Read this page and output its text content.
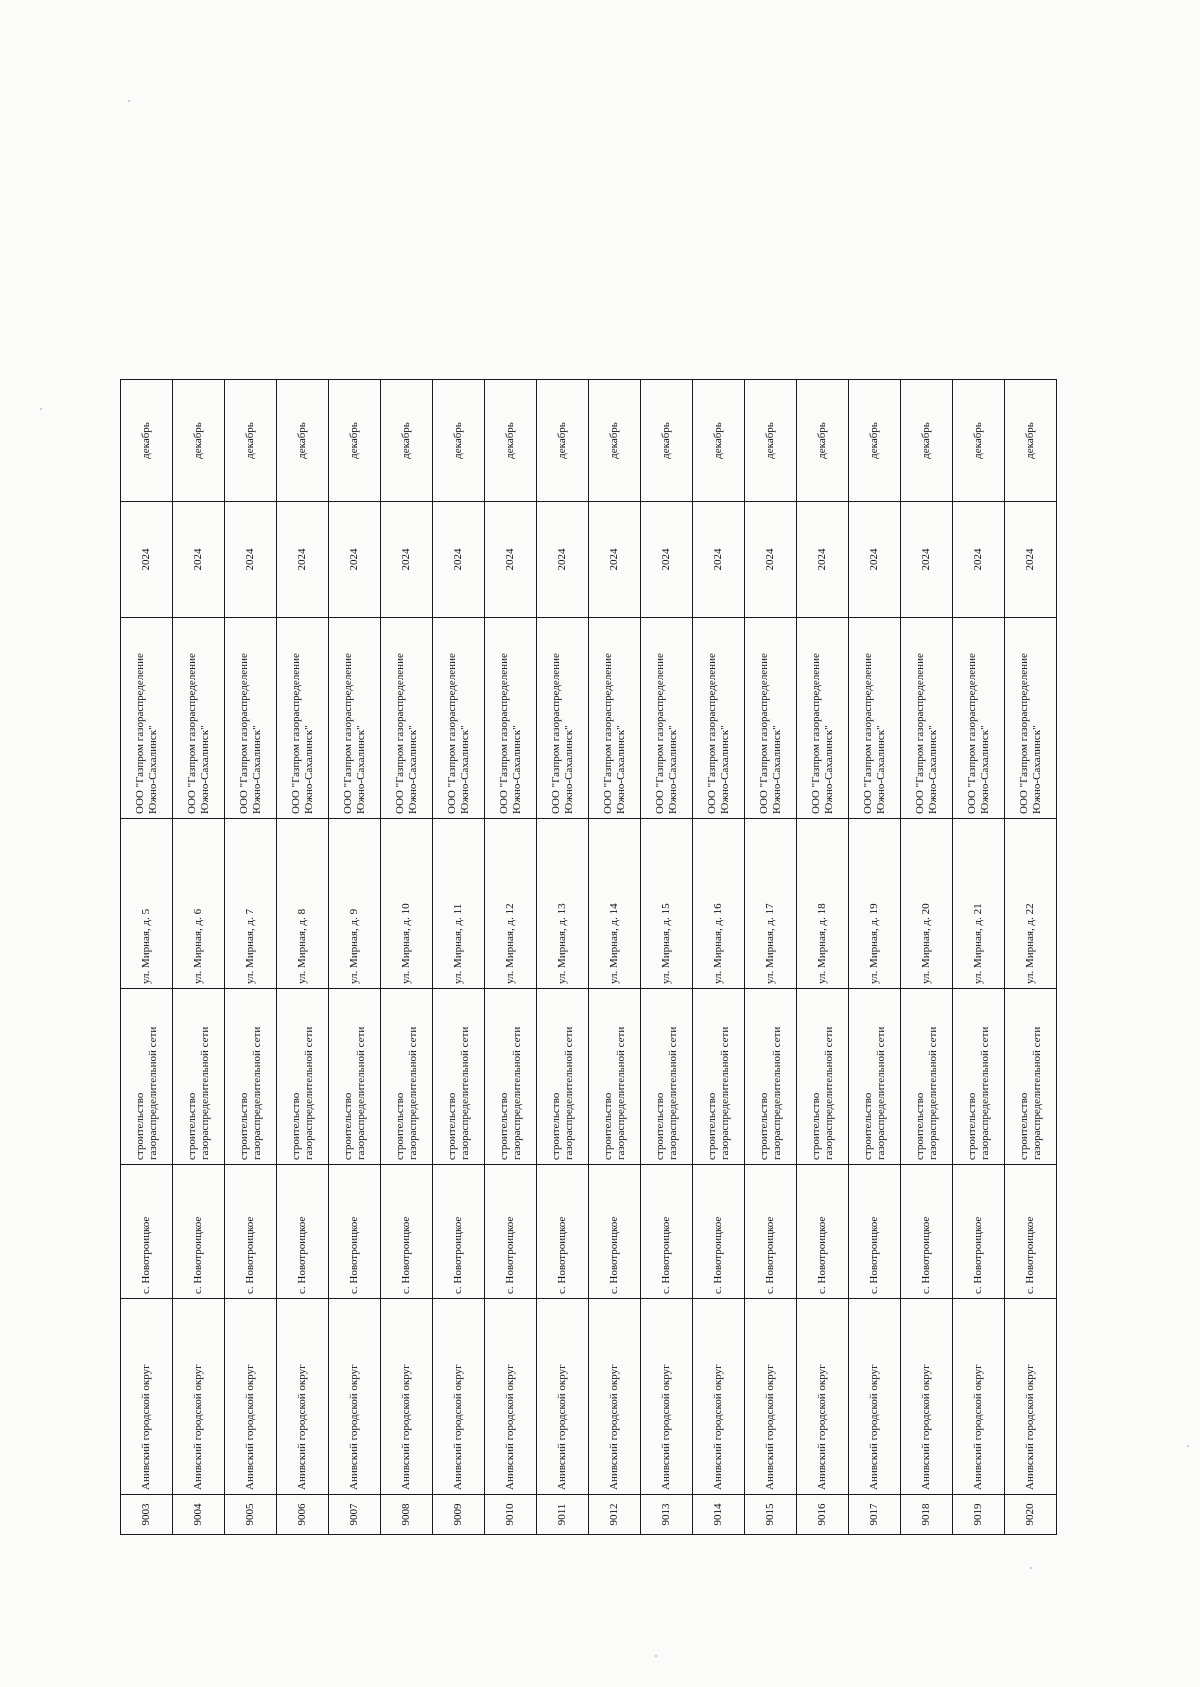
9003	Анивский городской округ	с. Новотроицкое	строительство газораспределительной сети	ул. Мирная, д. 5	ООО "Газпром газораспределение Южно-Сахалинск"	2024	декабрь
9004	Анивский городской округ	с. Новотроицкое	строительство газораспределительной сети	ул. Мирная, д. 6	ООО "Газпром газораспределение Южно-Сахалинск"	2024	декабрь
9005	Анивский городской округ	с. Новотроицкое	строительство газораспределительной сети	ул. Мирная, д. 7	ООО "Газпром газораспределение Южно-Сахалинск"	2024	декабрь
9006	Анивский городской округ	с. Новотроицкое	строительство газораспределительной сети	ул. Мирная, д. 8	ООО "Газпром газораспределение Южно-Сахалинск"	2024	декабрь
9007	Анивский городской округ	с. Новотроицкое	строительство газораспределительной сети	ул. Мирная, д. 9	ООО "Газпром газораспределение Южно-Сахалинск"	2024	декабрь
9008	Анивский городской округ	с. Новотроицкое	строительство газораспределительной сети	ул. Мирная, д. 10	ООО "Газпром газораспределение Южно-Сахалинск"	2024	декабрь
9009	Анивский городской округ	с. Новотроицкое	строительство газораспределительной сети	ул. Мирная, д. 11	ООО "Газпром газораспределение Южно-Сахалинск"	2024	декабрь
9010	Анивский городской округ	с. Новотроицкое	строительство газораспределительной сети	ул. Мирная, д. 12	ООО "Газпром газораспределение Южно-Сахалинск"	2024	декабрь
9011	Анивский городской округ	с. Новотроицкое	строительство газораспределительной сети	ул. Мирная, д. 13	ООО "Газпром газораспределение Южно-Сахалинск"	2024	декабрь
9012	Анивский городской округ	с. Новотроицкое	строительство газораспределительной сети	ул. Мирная, д. 14	ООО "Газпром газораспределение Южно-Сахалинск"	2024	декабрь
9013	Анивский городской округ	с. Новотроицкое	строительство газораспределительной сети	ул. Мирная, д. 15	ООО "Газпром газораспределение Южно-Сахалинск"	2024	декабрь
9014	Анивский городской округ	с. Новотроицкое	строительство газораспределительной сети	ул. Мирная, д. 16	ООО "Газпром газораспределение Южно-Сахалинск"	2024	декабрь
9015	Анивский городской округ	с. Новотроицкое	строительство газораспределительной сети	ул. Мирная, д. 17	ООО "Газпром газораспределение Южно-Сахалинск"	2024	декабрь
9016	Анивский городской округ	с. Новотроицкое	строительство газораспределительной сети	ул. Мирная, д. 18	ООО "Газпром газораспределение Южно-Сахалинск"	2024	декабрь
9017	Анивский городской округ	с. Новотроицкое	строительство газораспределительной сети	ул. Мирная, д. 19	ООО "Газпром газораспределение Южно-Сахалинск"	2024	декабрь
9018	Анивский городской округ	с. Новотроицкое	строительство газораспределительной сети	ул. Мирная, д. 20	ООО "Газпром газораспределение Южно-Сахалинск"	2024	декабрь
9019	Анивский городской округ	с. Новотроицкое	строительство газораспределительной сети	ул. Мирная, д. 21	ООО "Газпром газораспределение Южно-Сахалинск"	2024	декабрь
9020	Анивский городской округ	с. Новотроицкое	строительство газораспределительной сети	ул. Мирная, д. 22	ООО "Газпром газораспределение Южно-Сахалинск"	2024	декабрь
